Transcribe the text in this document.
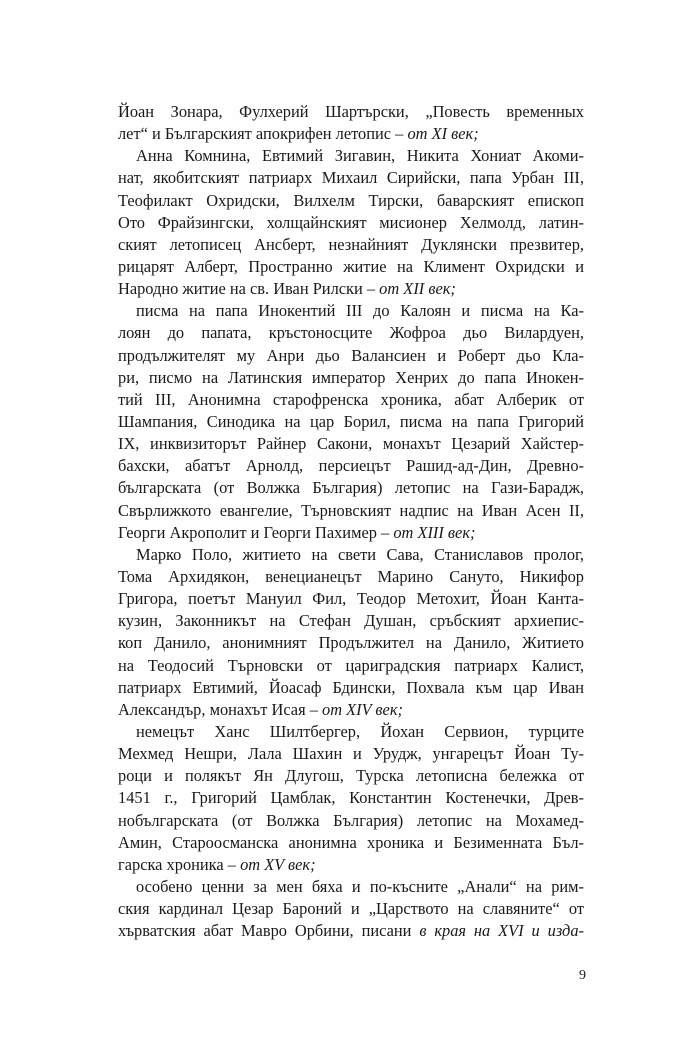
Йоан Зонара, Фулхерий Шартърски, „Повесть временных
лет“ и Българският апокрифен летопис – от XI век;
Анна Комнина, Евтимий Зигавин, Никита Хониат Акоми-
нат, якобитският патриарх Михаил Сирийски, папа Урбан III,
Теофилакт Охридски, Вилхелм Тирски, баварският епископ
Ото Фрайзингски, холщайнският мисионер Хелмолд, латин-
ският летописец Ансберт, незнайният Дуклянски презвитер,
рицарят Алберт, Пространно житие на Климент Охридски и
Народно житие на св. Иван Рилски – от XII век;
писма на папа Инокентий III до Калоян и писма на Ка-
лоян до папата, кръстоносците Жофроа дьо Вилардуен,
продължителят му Анри дьо Валансиен и Роберт дьо Кла-
ри, писмо на Латинския император Хенрих до папа Инокен-
тий III, Анонимна старофренска хроника, абат Алберик от
Шампания, Синодика на цар Борил, писма на папа Григорий
IX, инквизиторът Райнер Сакони, монахът Цезарий Хайстер-
бахски, абатът Арнолд, персиецът Рашид-ад-Дин, Древно-
българската (от Волжка България) летопис на Гази-Барадж,
Свърлижкото евангелие, Търновският надпис на Иван Асен II,
Георги Акрополит и Георги Пахимер – от XIII век;
Марко Поло, житието на свети Сава, Станиславов пролог,
Тома Архидякон, венецианецът Марино Сануто, Никифор
Григора, поетът Мануил Фил, Теодор Метохит, Йоан Канта-
кузин, Законникът на Стефан Душан, сръбският архиепис-
коп Данило, анонимният Продължител на Данило, Житието
на Теодосий Търновски от цариградския патриарх Калист,
патриарх Евтимий, Йоасаф Бдински, Похвала към цар Иван
Александър, монахът Исая – от XIV век;
немецът Ханс Шилтбергер, Йохан Сервион, турците
Мехмед Нешри, Лала Шахин и Урудж, унгарецът Йоан Ту-
роци и полякът Ян Длугош, Турска летописна бележка от
1451 г., Григорий Цамблак, Константин Костенечки, Древ-
нобългарската (от Волжка България) летопис на Мохамед-
Амин, Староосманска анонимна хроника и Безименната Бъл-
гарска хроника – от XV век;
особено ценни за мен бяха и по-късните „Анали“ на рим-
ския кардинал Цезар Бароний и „Царството на славяните“ от
хърватския абат Мавро Орбини, писани в края на XVI и изда-
9
